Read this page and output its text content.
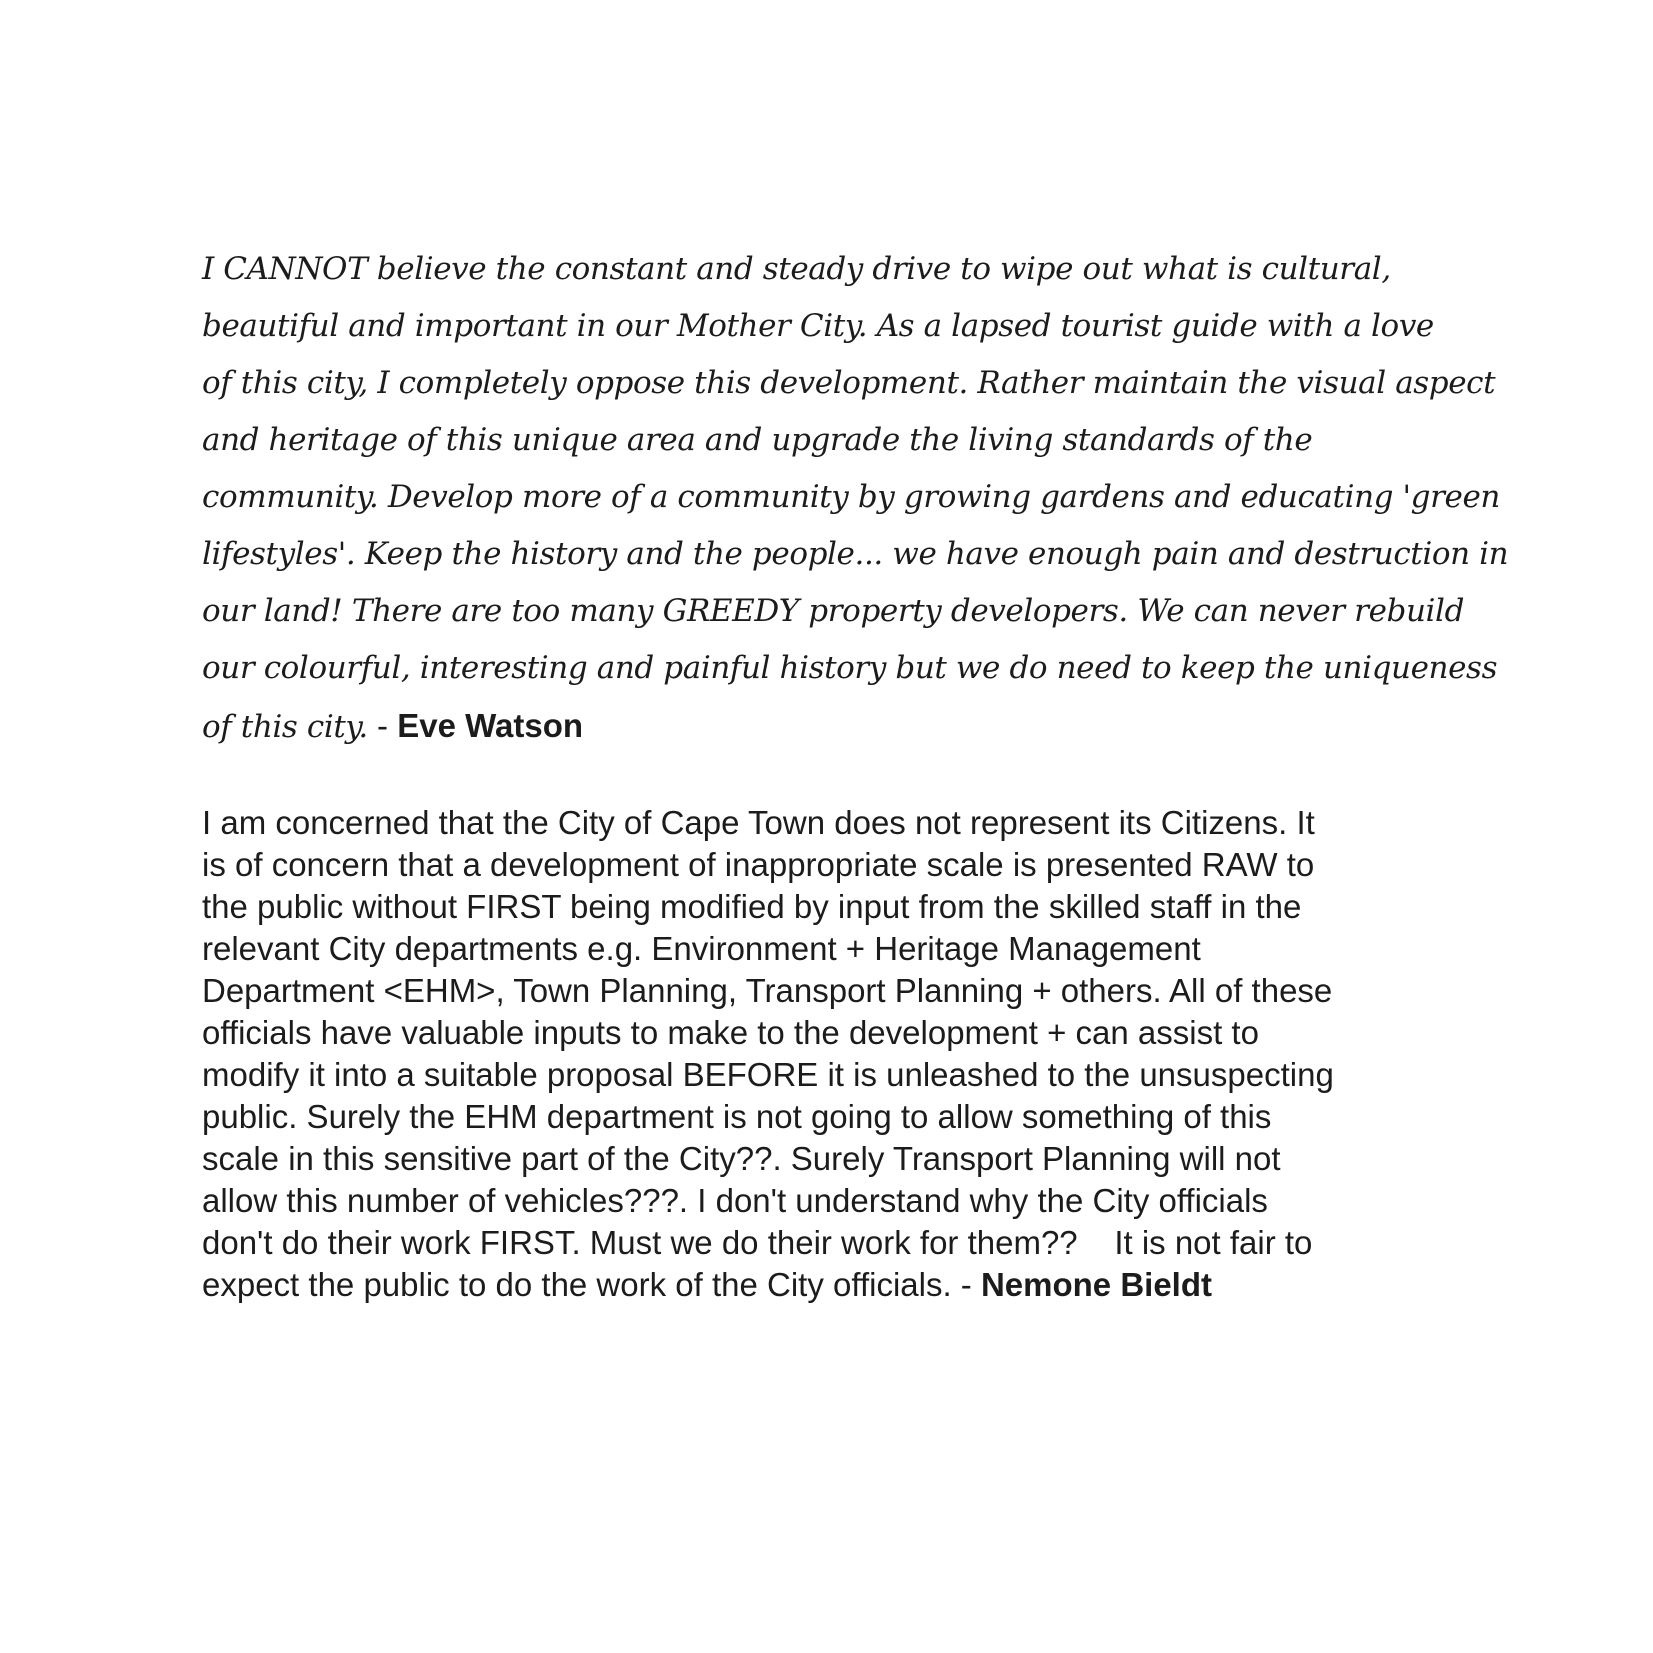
I CANNOT believe the constant and steady drive to wipe out what is cultural,
beautiful and important in our Mother City. As a lapsed tourist guide with a love
of this city, I completely oppose this development. Rather maintain the visual aspect
and heritage of this unique area and upgrade the living standards of the
community. Develop more of a community by growing gardens and educating 'green
lifestyles'. Keep the history and the people... we have enough pain and destruction in
our land! There are too many GREEDY property developers. We can never rebuild
our colourful, interesting and painful history but we do need to keep the uniqueness
of this city. - Eve Watson
I am concerned that the City of Cape Town does not represent its Citizens. It
is of concern that a development of inappropriate scale is presented RAW to
the public without FIRST being modified by input from the skilled staff in the
relevant City departments e.g. Environment + Heritage Management
Department <EHM>, Town Planning, Transport Planning + others. All of these
officials have valuable inputs to make to the development + can assist to
modify it into a suitable proposal BEFORE it is unleashed to the unsuspecting
public. Surely the EHM department is not going to allow something of this
scale in this sensitive part of the City??. Surely Transport Planning will not
allow this number of vehicles???. I don't understand why the City officials
don't do their work FIRST. Must we do their work for them??    It is not fair to
expect the public to do the work of the City officials. - Nemone Bieldt
